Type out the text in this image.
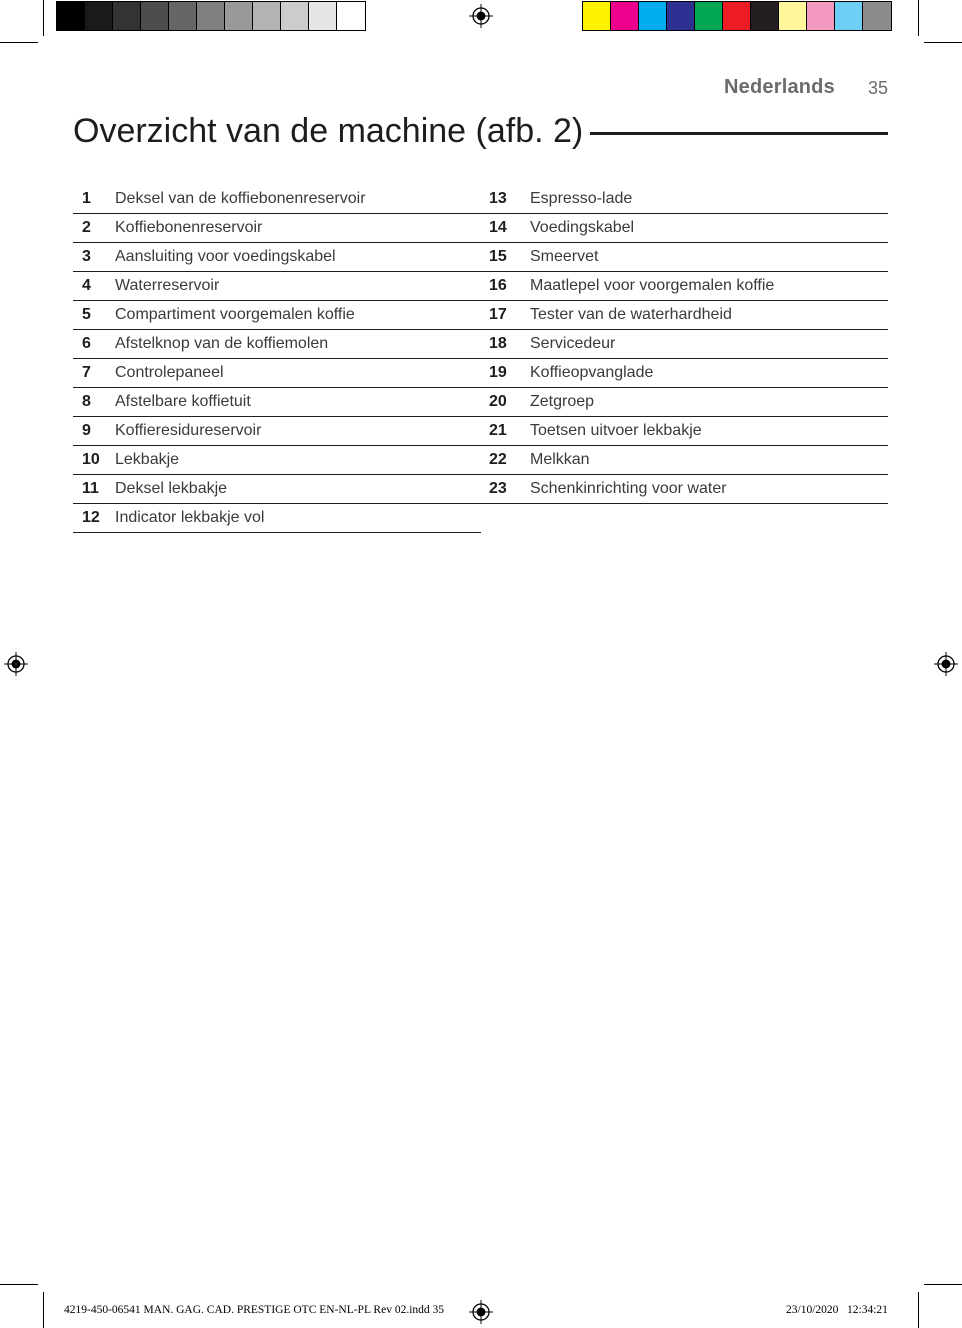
Nederlands 35
Overzicht van de machine (afb. 2)
1	Deksel van de koffiebonenreservoir
2	Koffiebonenreservoir
3	Aansluiting voor voedingskabel
4	Waterreservoir
5	Compartiment voorgemalen koffie
6	Afstelknop van de koffiemolen
7	Controlepaneel
8	Afstelbare koffietuit
9	Koffieresidureservoir
10 Lekbakje
11	Deksel lekbakje
12 Indicator lekbakje vol
13	Espresso-lade
14	Voedingskabel
15	Smeervet
16	Maatlepel voor voorgemalen koffie
17	Tester van de waterhardheid
18	Servicedeur
19	Koffieopvanglade
20	Zetgroep
21	Toetsen uitvoer lekbakje
22	Melkkan
23	Schenkinrichting voor water
4219-450-06541 MAN. GAG. CAD. PRESTIGE OTC EN-NL-PL Rev 02.indd 35	23/10/2020 12:34:21
